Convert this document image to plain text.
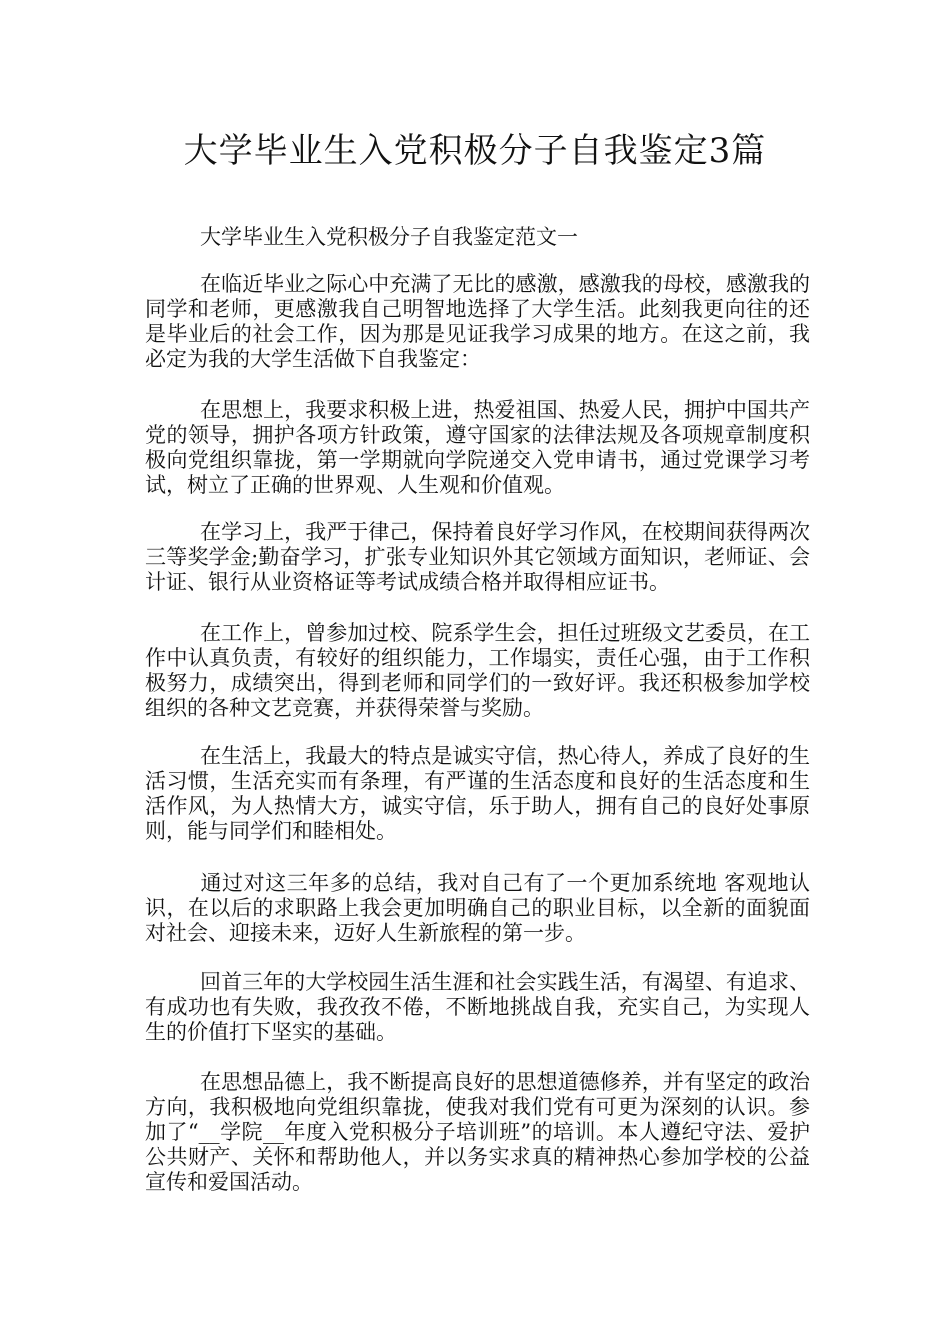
大学毕业生入党积极分子自我鉴定3篇

大学毕业生入党积极分子自我鉴定范文一

在临近毕业之际心中充满了无比的感激，感激我的母校，感激我的同学和老师，更感激我自己明智地选择了大学生活。此刻我更向往的还是毕业后的社会工作，因为那是见证我学习成果的地方。在这之前，我必定为我的大学生活做下自我鉴定：

在思想上，我要求积极上进，热爱祖国、热爱人民，拥护中国共产党的领导，拥护各项方针政策，遵守国家的法律法规及各项规章制度积极向党组织靠拢，第一学期就向学院递交入党申请书，通过党课学习考试，树立了正确的世界观、人生观和价值观。

在学习上，我严于律己，保持着良好学习作风，在校期间获得两次三等奖学金;勤奋学习，扩张专业知识外其它领域方面知识，老师证、会计证、银行从业资格证等考试成绩合格并取得相应证书。

在工作上，曾参加过校、院系学生会，担任过班级文艺委员，在工作中认真负责，有较好的组织能力，工作塌实，责任心强，由于工作积极努力，成绩突出，得到老师和同学们的一致好评。我还积极参加学校组织的各种文艺竞赛，并获得荣誉与奖励。

在生活上，我最大的特点是诚实守信，热心待人，养成了良好的生活习惯，生活充实而有条理，有严谨的生活态度和良好的生活态度和生活作风，为人热情大方，诚实守信，乐于助人，拥有自己的良好处事原则，能与同学们和睦相处。

通过对这三年多的总结，我对自己有了一个更加系统地 客观地认识，在以后的求职路上我会更加明确自己的职业目标，以全新的面貌面对社会、迎接未来，迈好人生新旅程的第一步。

回首三年的大学校园生活生涯和社会实践生活，有渴望、有追求、有成功也有失败，我孜孜不倦，不断地挑战自我，充实自己，为实现人生的价值打下坚实的基础。

在思想品德上，我不断提高良好的思想道德修养，并有坚定的政治方向，我积极地向党组织靠拢，使我对我们党有可更为深刻的认识。参加了“__学院__年度入党积极分子培训班”的培训。本人遵纪守法、爱护公共财产、关怀和帮助他人，并以务实求真的精神热心参加学校的公益宣传和爱国活动。
